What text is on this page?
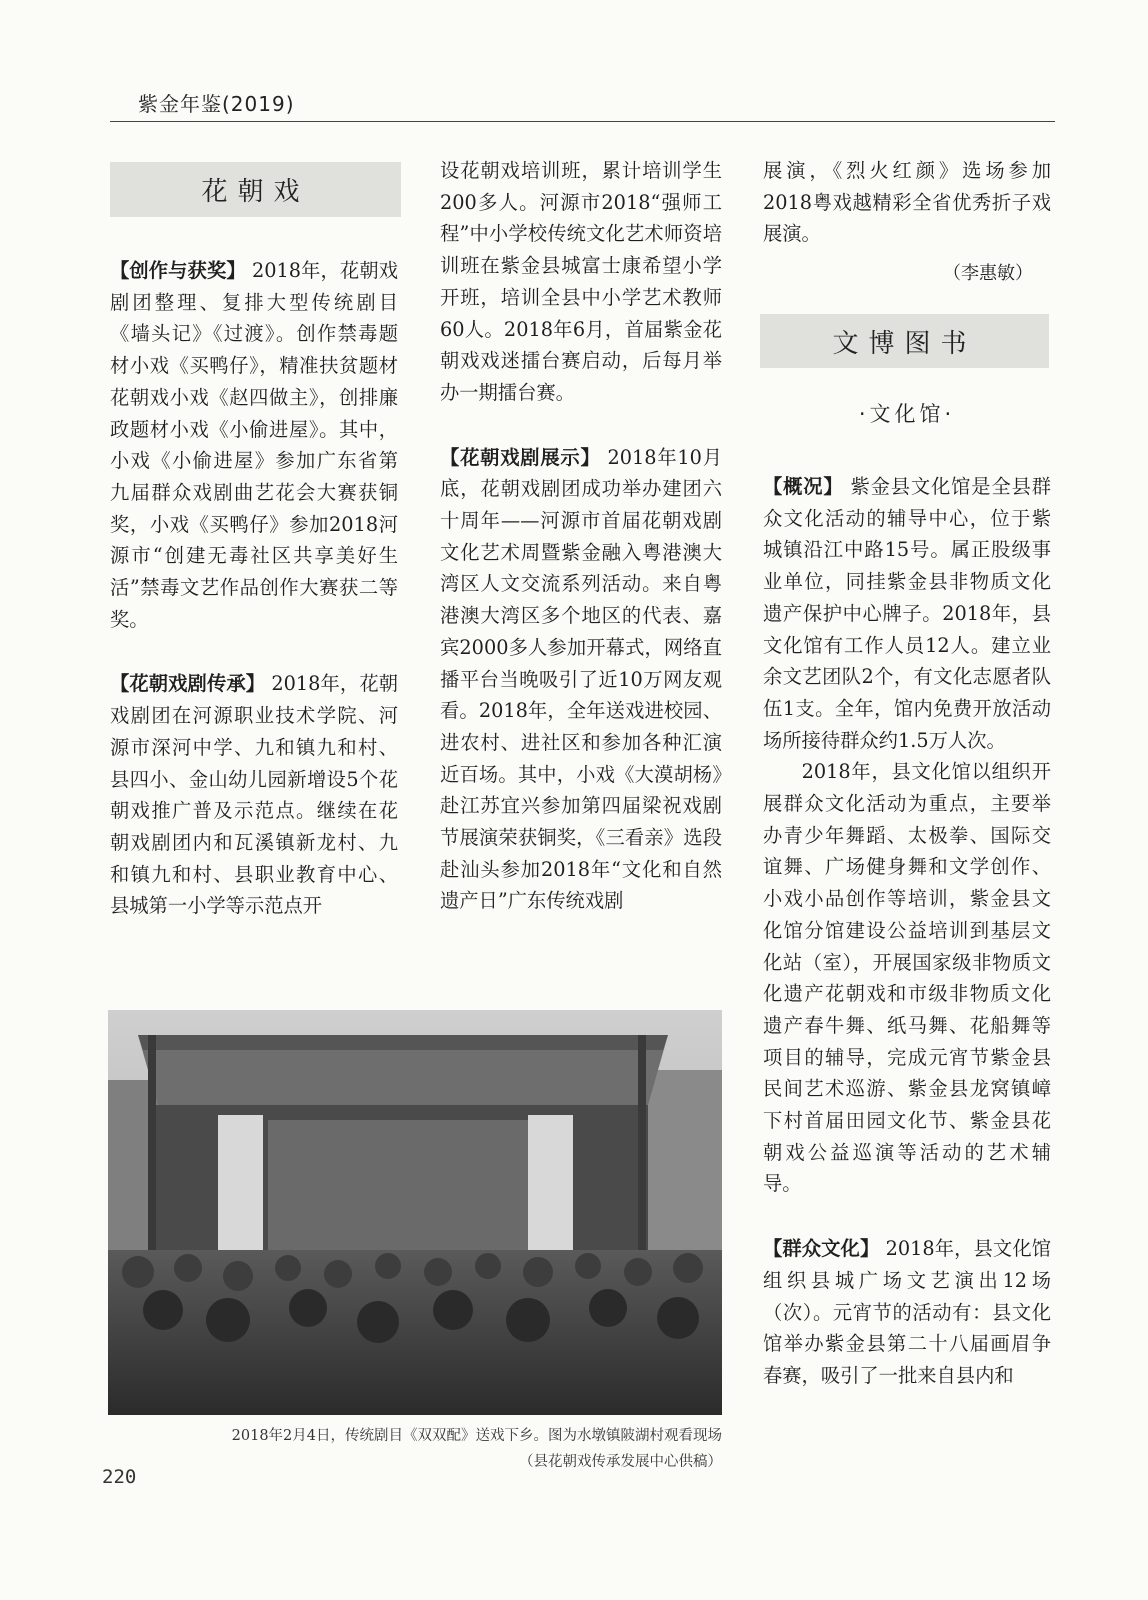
紫金年鉴(2019)
花朝戏

【创作与获奖】 2018年，花朝戏剧团整理、复排大型传统剧目《墙头记》《过渡》。创作禁毒题材小戏《买鸭仔》，精准扶贫题材花朝戏小戏《赵四做主》，创排廉政题材小戏《小偷进屋》。其中，小戏《小偷进屋》参加广东省第九届群众戏剧曲艺花会大赛获铜奖，小戏《买鸭仔》参加2018河源市“创建无毒社区共享美好生活”禁毒文艺作品创作大赛获二等奖。

【花朝戏剧传承】 2018年，花朝戏剧团在河源职业技术学院、河源市深河中学、九和镇九和村、县四小、金山幼儿园新增设5个花朝戏推广普及示范点。继续在花朝戏剧团内和瓦溪镇新龙村、九和镇九和村、县职业教育中心、县城第一小学等示范点开

设花朝戏培训班，累计培训学生200多人。河源市2018“强师工程”中小学校传统文化艺术师资培训班在紫金县城富士康希望小学开班，培训全县中小学艺术教师60人。2018年6月，首届紫金花朝戏戏迷擂台赛启动，后每月举办一期擂台赛。

【花朝戏剧展示】 2018年10月底，花朝戏剧团成功举办建团六十周年——河源市首届花朝戏剧文化艺术周暨紫金融入粤港澳大湾区人文交流系列活动。来自粤港澳大湾区多个地区的代表、嘉宾2000多人参加开幕式，网络直播平台当晚吸引了近10万网友观看。2018年，全年送戏进校园、进农村、进社区和参加各种汇演近百场。其中，小戏《大漠胡杨》赴江苏宜兴参加第四届梁祝戏剧节展演荣获铜奖，《三看亲》选段赴汕头参加2018年“文化和自然遗产日”广东传统戏剧

展演，《烈火红颜》选场参加2018粤戏越精彩全省优秀折子戏展演。

（李惠敏）

文博图书
·文化馆·

【概况】 紫金县文化馆是全县群众文化活动的辅导中心，位于紫城镇沿江中路15号。属正股级事业单位，同挂紫金县非物质文化遗产保护中心牌子。2018年，县文化馆有工作人员12人。建立业余文艺团队2个，有文化志愿者队伍1支。全年，馆内免费开放活动场所接待群众约1.5万人次。

2018年，县文化馆以组织开展群众文化活动为重点，主要举办青少年舞蹈、太极拳、国际交谊舞、广场健身舞和文学创作、小戏小品创作等培训，紫金县文化馆分馆建设公益培训到基层文化站（室），开展国家级非物质文化遗产花朝戏和市级非物质文化遗产春牛舞、纸马舞、花船舞等项目的辅导，完成元宵节紫金县民间艺术巡游、紫金县龙窝镇嶂下村首届田园文化节、紫金县花朝戏公益巡演等活动的艺术辅导。

【群众文化】 2018年，县文化馆组织县城广场文艺演出12场（次）。元宵节的活动有：县文化馆举办紫金县第二十八届画眉争春赛，吸引了一批来自县内和

2018年2月4日，传统剧目《双双配》送戏下乡。图为水墩镇陂湖村观看现场
（县花朝戏传承发展中心供稿）
220
